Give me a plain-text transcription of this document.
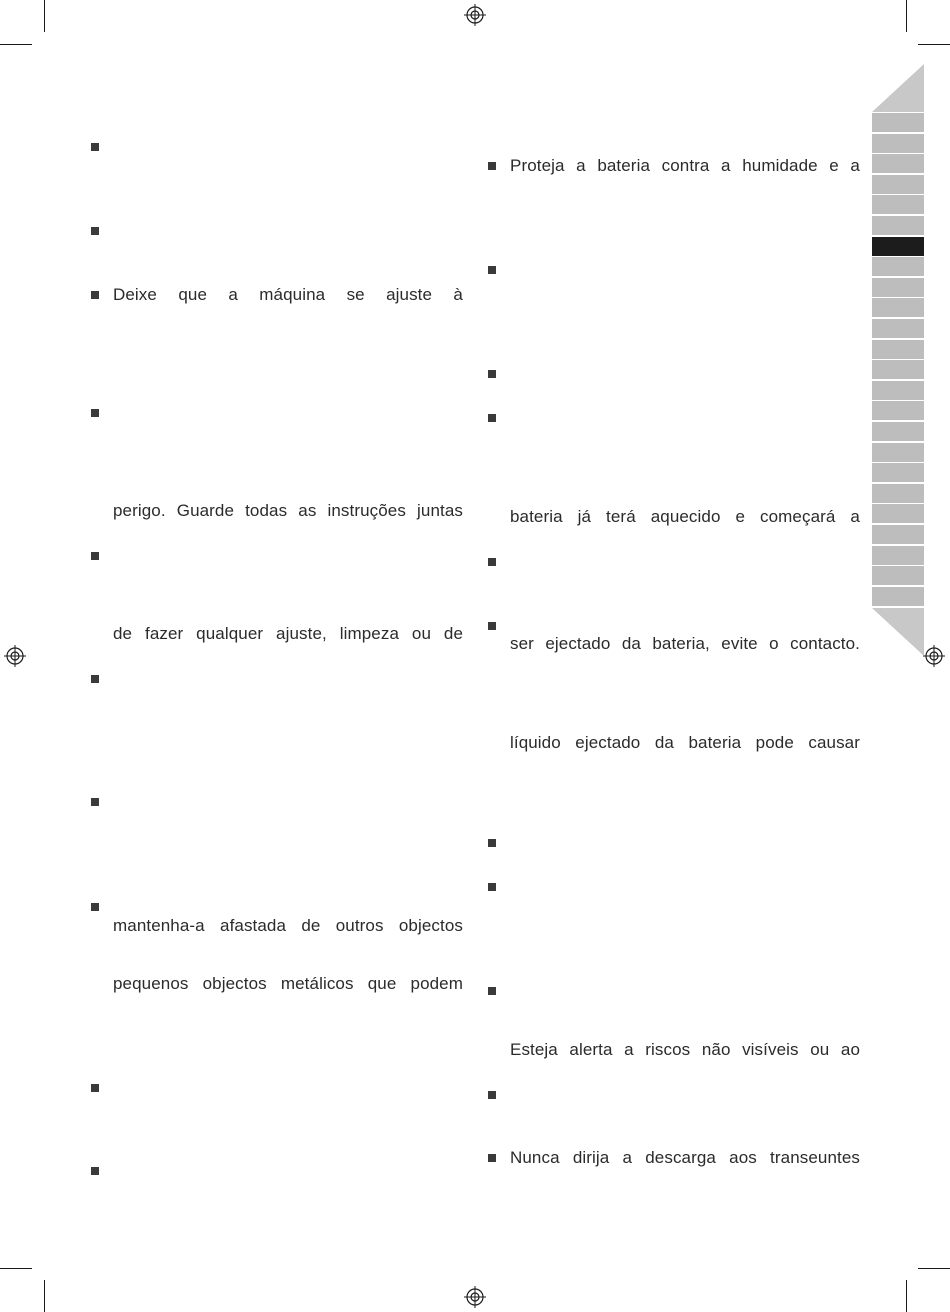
Deixe que a máquina se ajuste à
perigo. Guarde todas as instruções juntas
de fazer qualquer ajuste, limpeza ou de
mantenha-a afastada de outros objectos
pequenos objectos metálicos que podem
Proteja a bateria contra a humidade e a
bateria já terá aquecido e começará a
ser ejectado da bateria, evite o contacto.
líquido ejectado da bateria pode causar
Esteja alerta a riscos não visíveis ou ao
Nunca dirija a descarga aos transeuntes
